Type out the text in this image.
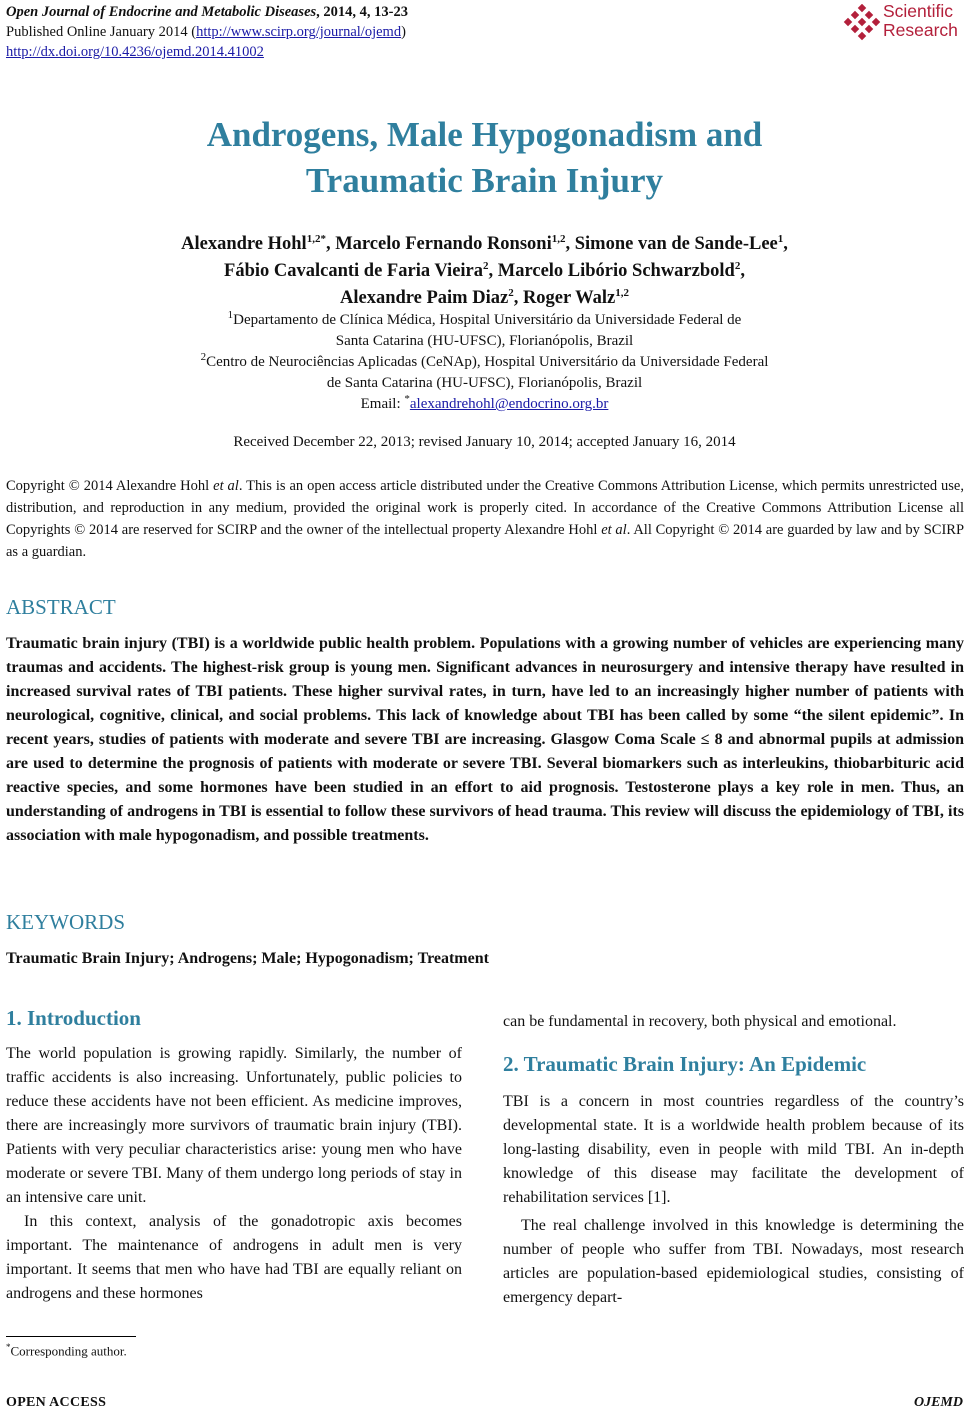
Open Journal of Endocrine and Metabolic Diseases, 2014, 4, 13-23
Published Online January 2014 (http://www.scirp.org/journal/ojemd)
http://dx.doi.org/10.4236/ojemd.2014.41002
Scientific
Research
Androgens, Male Hypogonadism and
Traumatic Brain Injury
Alexandre Hohl$^{1,2*}$, Marcelo Fernando Ronsoni$^{1,2}$, Simone van de Sande-Lee$^1$,
Fábio Cavalcanti de Faria Vieira$^2$, Marcelo Libório Schwarzbold$^2$,
Alexandre Paim Diaz$^2$, Roger Walz$^{1,2}$
$^1$Departamento de Clínica Médica, Hospital Universitário da Universidade Federal de
Santa Catarina (HU-UFSC), Florianópolis, Brazil
$^2$Centro de Neurociências Aplicadas (CeNAp), Hospital Universitário da Universidade Federal
de Santa Catarina (HU-UFSC), Florianópolis, Brazil
Email: *alexandrehohl@endocrino.org.br
Received December 22, 2013; revised January 10, 2014; accepted January 16, 2014
Copyright © 2014 Alexandre Hohl et al. This is an open access article distributed under the Creative Commons Attribution License, which permits unrestricted use, distribution, and reproduction in any medium, provided the original work is properly cited. In accordance of the Creative Commons Attribution License all Copyrights © 2014 are reserved for SCIRP and the owner of the intellectual property Alexandre Hohl et al. All Copyright © 2014 are guarded by law and by SCIRP as a guardian.
ABSTRACT
Traumatic brain injury (TBI) is a worldwide public health problem. Populations with a growing number of vehicles are experiencing many traumas and accidents. The highest-risk group is young men. Significant advances in neurosurgery and intensive therapy have resulted in increased survival rates of TBI patients. These higher survival rates, in turn, have led to an increasingly higher number of patients with neurological, cognitive, clinical, and social problems. This lack of knowledge about TBI has been called by some “the silent epidemic”. In recent years, studies of patients with moderate and severe TBI are increasing. Glasgow Coma Scale ≤ 8 and abnormal pupils at admission are used to determine the prognosis of patients with moderate or severe TBI. Several biomarkers such as interleukins, thiobarbituric acid reactive species, and some hormones have been studied in an effort to aid prognosis. Testosterone plays a key role in men. Thus, an understanding of androgens in TBI is essential to follow these survivors of head trauma. This review will discuss the epidemiology of TBI, its association with male hypogonadism, and possible treatments.
KEYWORDS
Traumatic Brain Injury; Androgens; Male; Hypogonadism; Treatment
1. Introduction

The world population is growing rapidly. Similarly, the number of traffic accidents is also increasing. Unfortunately, public policies to reduce these accidents have not been efficient. As medicine improves, there are increasingly more survivors of traumatic brain injury (TBI). Patients with very peculiar characteristics arise: young men who have moderate or severe TBI. Many of them undergo long periods of stay in an intensive care unit.

In this context, analysis of the gonadotropic axis becomes important. The maintenance of androgens in adult men is very important. It seems that men who have had TBI are equally reliant on androgens and these hormones

can be fundamental in recovery, both physical and emotional.

2. Traumatic Brain Injury: An Epidemic

TBI is a concern in most countries regardless of the country’s developmental state. It is a worldwide health problem because of its long-lasting disability, even in people with mild TBI. An in-depth knowledge of this disease may facilitate the development of rehabilitation services [1].

The real challenge involved in this knowledge is determining the number of people who suffer from TBI. Nowadays, most research articles are population-based epidemiological studies, consisting of emergency depart-

*Corresponding author.
OPEN ACCESS	OJEMD
